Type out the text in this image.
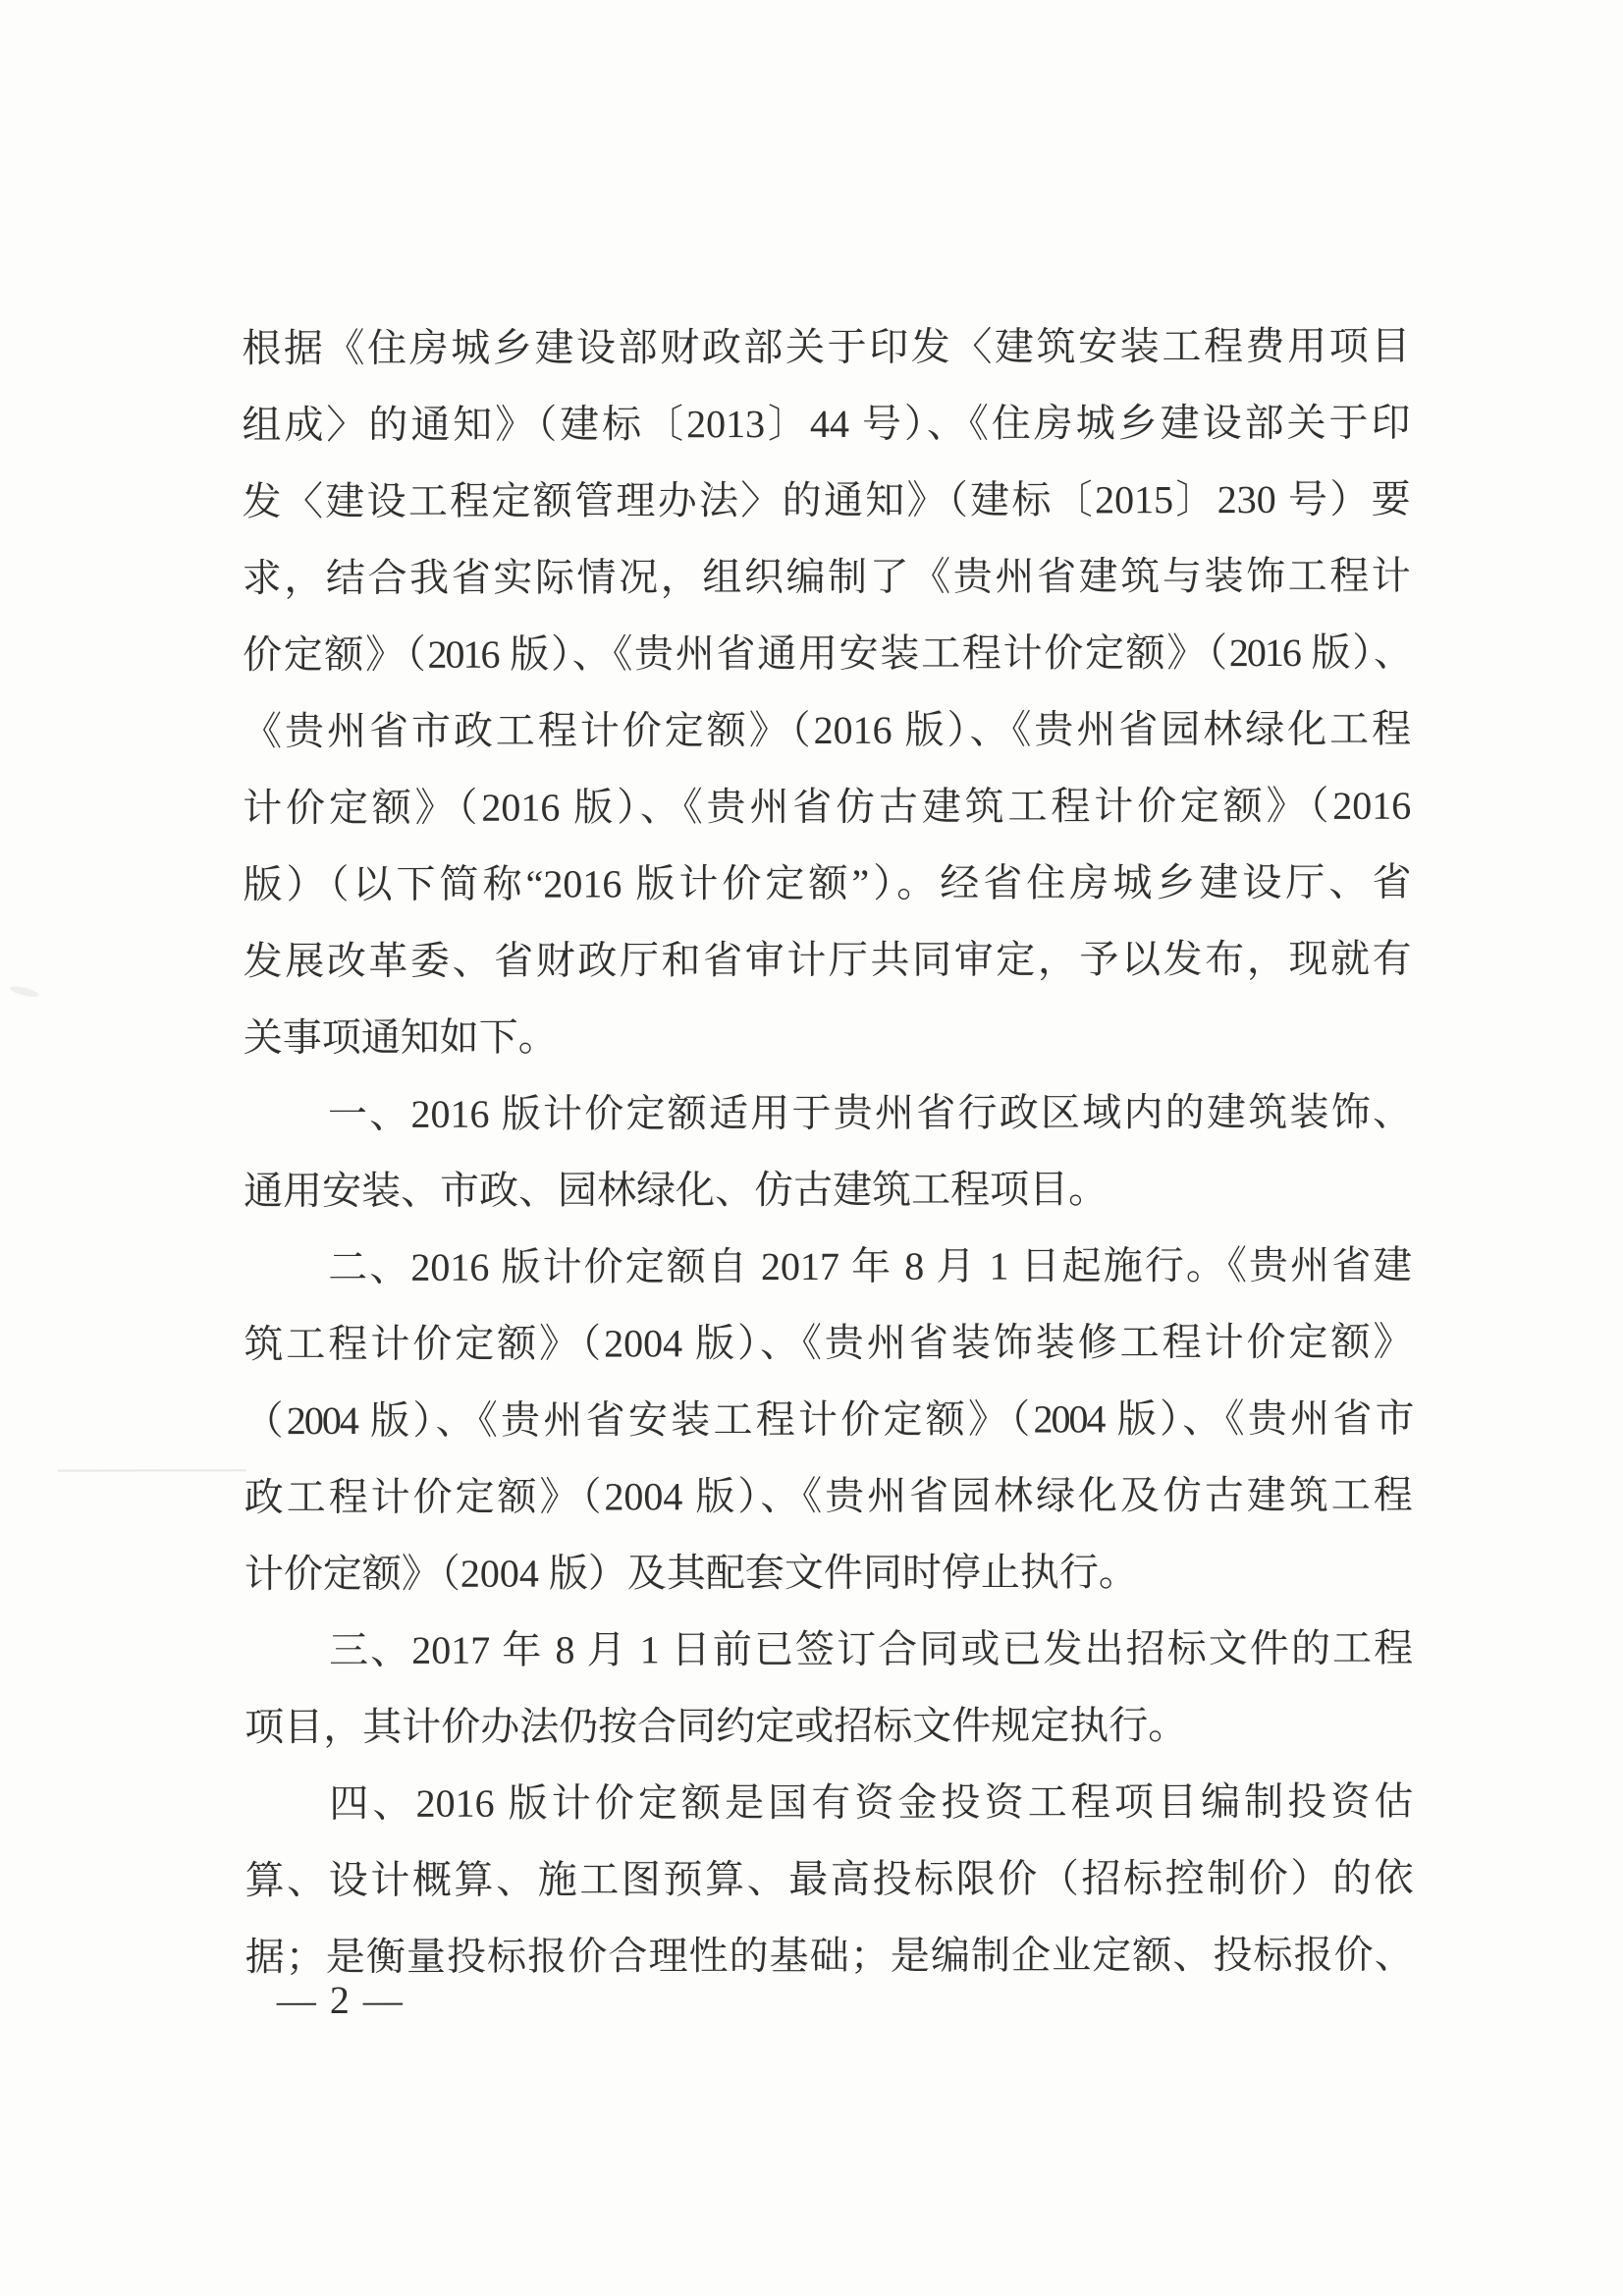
根据《住房城乡建设部财政部关于印发〈建筑安装工程费用项目

组成〉的通知》（建标〔2013〕44 号）、《住房城乡建设部关于印

发〈建设工程定额管理办法〉的通知》（建标〔2015〕230 号）要

求，结合我省实际情况，组织编制了《贵州省建筑与装饰工程计

价定额》（2016 版）、《贵州省通用安装工程计价定额》（2016 版）、

《贵州省市政工程计价定额》（2016 版）、《贵州省园林绿化工程

计价定额》（2016 版）、《贵州省仿古建筑工程计价定额》（2016

版）（以下简称“2016 版计价定额”）。经省住房城乡建设厅、省

发展改革委、省财政厅和省审计厅共同审定，予以发布，现就有

关事项通知如下。

一、2016 版计价定额适用于贵州省行政区域内的建筑装饰、

通用安装、市政、园林绿化、仿古建筑工程项目。

二、2016 版计价定额自 2017 年 8 月 1 日起施行。《贵州省建

筑工程计价定额》（2004 版）、《贵州省装饰装修工程计价定额》

（2004 版）、《贵州省安装工程计价定额》（2004 版）、《贵州省市

政工程计价定额》（2004 版）、《贵州省园林绿化及仿古建筑工程

计价定额》（2004 版）及其配套文件同时停止执行。

三、2017 年 8 月 1 日前已签订合同或已发出招标文件的工程

项目，其计价办法仍按合同约定或招标文件规定执行。

四、2016 版计价定额是国有资金投资工程项目编制投资估

算、设计概算、施工图预算、最高投标限价（招标控制价）的依

据；是衡量投标报价合理性的基础；是编制企业定额、投标报价、

— 2 —
